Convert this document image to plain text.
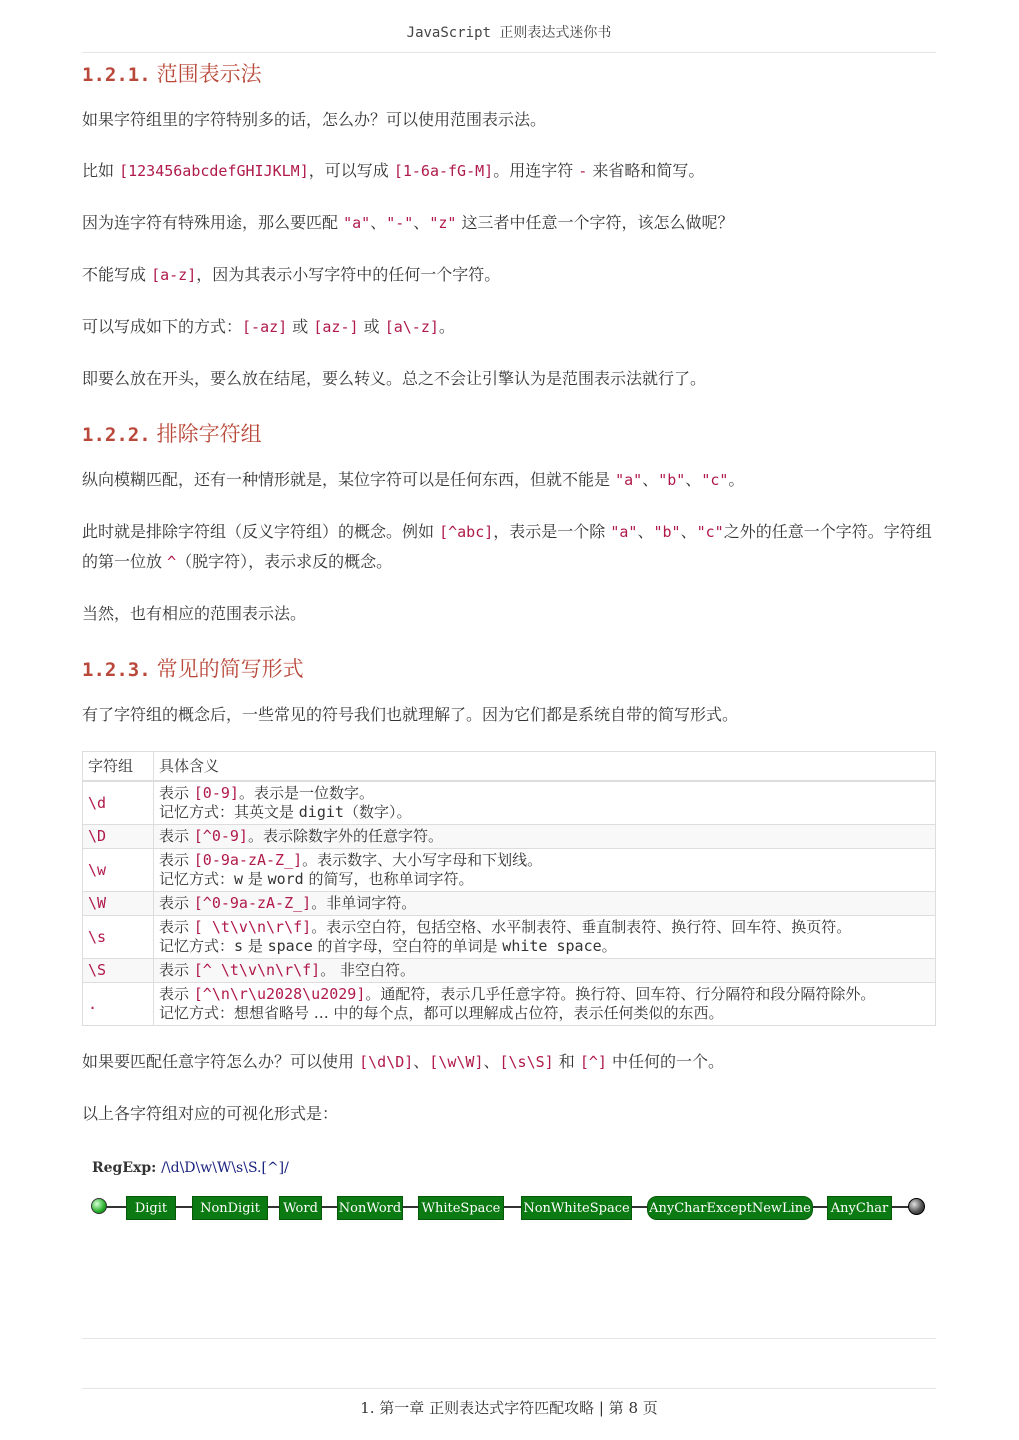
JavaScript 正则表达式迷你书
1.2.1. 范围表示法

如果字符组里的字符特别多的话，怎么办？可以使用范围表示法。

比如 [123456abcdefGHIJKLM]，可以写成 [1-6a-fG-M]。用连字符 - 来省略和简写。

因为连字符有特殊用途，那么要匹配 "a"、"-"、"z" 这三者中任意一个字符，该怎么做呢？

不能写成 [a-z]，因为其表示小写字符中的任何一个字符。

可以写成如下的方式：[-az] 或 [az-] 或 [a\-z]。

即要么放在开头，要么放在结尾，要么转义。总之不会让引擎认为是范围表示法就行了。

1.2.2. 排除字符组

纵向模糊匹配，还有一种情形就是，某位字符可以是任何东西，但就不能是 "a"、"b"、"c"。

此时就是排除字符组（反义字符组）的概念。例如 [^abc]，表示是一个除 "a"、"b"、"c"之外的任意一个字符。字符组的第一位放 ^（脱字符），表示求反的概念。

当然，也有相应的范围表示法。

1.2.3. 常见的简写形式

有了字符组的概念后，一些常见的符号我们也就理解了。因为它们都是系统自带的简写形式。

字符组	具体含义
\d	表示 [0-9]。表示是一位数字。
记忆方式：其英文是 digit（数字）。

\D	表示 [^0-9]。表示除数字外的任意字符。

\w	表示 [0-9a-zA-Z_]。表示数字、大小写字母和下划线。
记忆方式：w 是 word 的简写，也称单词字符。

\W	表示 [^0-9a-zA-Z_]。非单词字符。

\s	表示 [ \t\v\n\r\f]。表示空白符，包括空格、水平制表符、垂直制表符、换行符、回车符、换页符。
记忆方式：s 是 space 的首字母，空白符的单词是 white space。

\S	表示 [^ \t\v\n\r\f]。 非空白符。

.	表示 [^\n\r\u2028\u2029]。通配符，表示几乎任意字符。换行符、回车符、行分隔符和段分隔符除外。
记忆方式：想想省略号 … 中的每个点，都可以理解成占位符，表示任何类似的东西。

如果要匹配任意字符怎么办？可以使用 [\d\D]、[\w\W]、[\s\S] 和 [^] 中任何的一个。

以上各字符组对应的可视化形式是：

RegExp: /\d\D\w\W\s\S.[^]/
Digit	NonDigit	Word	NonWord WhiteSpace NonWhiteSpace AnyCharExceptNewLine AnyChar
1. 第一章 正则表达式字符匹配攻略 | 第 8 页
